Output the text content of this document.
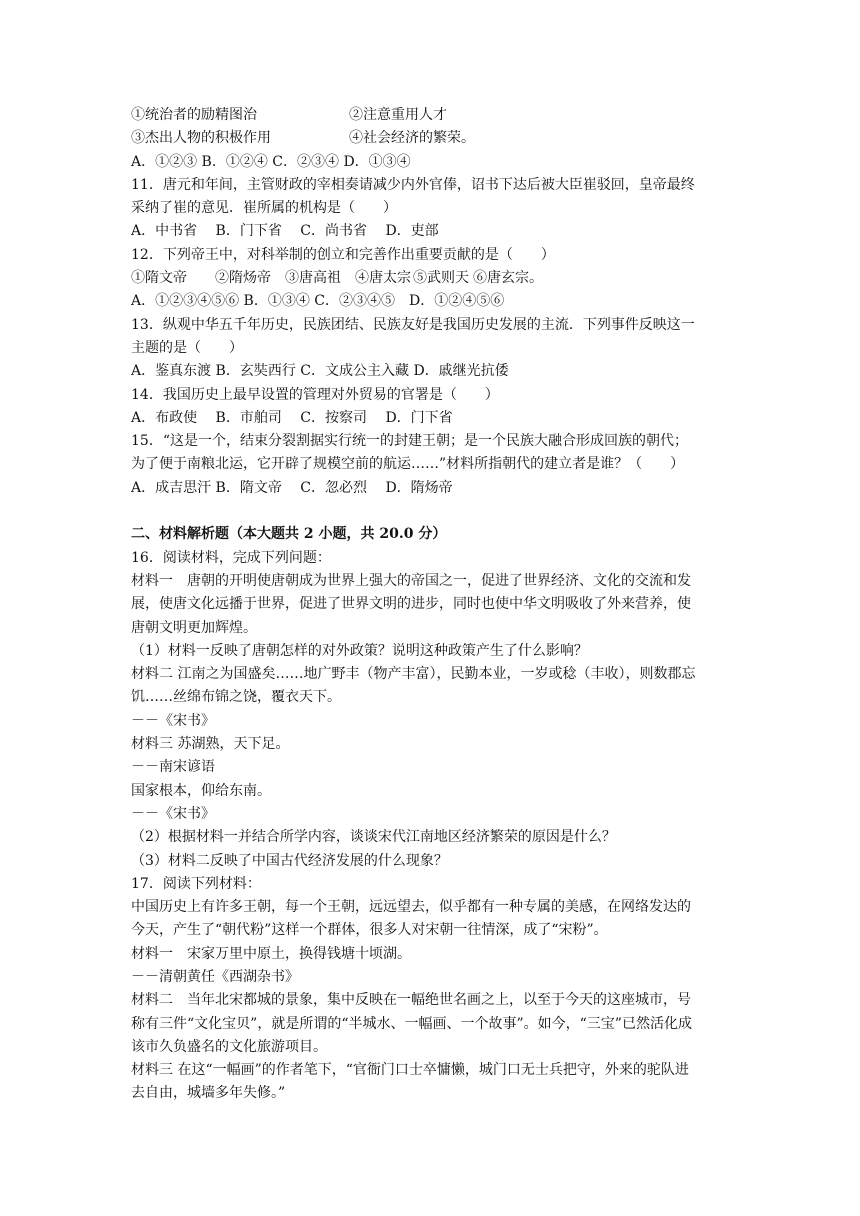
①统治者的励精图治	②注意重用人才
③杰出人物的积极作用	④社会经济的繁荣。
A．①②③ B．①②④ C．②③④ D．①③④
11．唐元和年间，主管财政的宰相奏请减少内外官俸，诏书下达后被大臣崔驳回，皇帝最终
采纳了崔的意见．崔所属的机构是（　　）
A．中书省　 B．门下省　 C．尚书省　 D．吏部
12．下列帝王中，对科举制的创立和完善作出重要贡献的是（　　）
①隋文帝 ②隋炀帝 ③唐高祖 ④唐太宗 ⑤武则天 ⑥唐玄宗。
A．①②③④⑤⑥ B．①③④ C．②③④⑤　D．①②④⑤⑥
13．纵观中华五千年历史，民族团结、民族友好是我国历史发展的主流．下列事件反映这一
主题的是（　　）
A．鉴真东渡 B．玄奘西行 C．文成公主入藏 D．戚继光抗倭
14．我国历史上最早设置的管理对外贸易的官署是（　　）
A．布政使　 B．市舶司　 C．按察司　 D．门下省
15．“这是一个，结束分裂割据实行统一的封建王朝；是一个民族大融合形成回族的朝代；
为了便于南粮北运，它开辟了规模空前的航运……”材料所指朝代的建立者是谁？（　　）
A．成吉思汗 B．隋文帝　 C．忽必烈　 D．隋炀帝
二、材料解析题（本大题共 2 小题，共 20.0 分）
16．阅读材料，完成下列问题：
材料一　唐朝的开明使唐朝成为世界上强大的帝国之一，促进了世界经济、文化的交流和发
展，使唐文化远播于世界，促进了世界文明的进步，同时也使中华文明吸收了外来营养，使
唐朝文明更加辉煌。
（1）材料一反映了唐朝怎样的对外政策？说明这种政策产生了什么影响？
材料二 江南之为国盛矣……地广野丰（物产丰富），民勤本业，一岁或稔（丰收），则数郡忘
饥……丝绵布锦之饶，覆衣天下。
－－《宋书》
材料三 苏湖熟，天下足。
－－南宋谚语
国家根本，仰给东南。
－－《宋书》
（2）根据材料一并结合所学内容，谈谈宋代江南地区经济繁荣的原因是什么？
（3）材料二反映了中国古代经济发展的什么现象？
17．阅读下列材料：
中国历史上有许多王朝，每一个王朝，远远望去，似乎都有一种专属的美感，在网络发达的
今天，产生了“朝代粉”这样一个群体，很多人对宋朝一往情深，成了“宋粉”。
材料一　宋家万里中原土，换得钱塘十顷湖。
－－清朝黄任《西湖杂书》
材料二　当年北宋都城的景象，集中反映在一幅绝世名画之上，以至于今天的这座城市，号
称有三件“文化宝贝”，就是所谓的“半城水、一幅画、一个故事”。如今，“三宝”已然活化成
该市久负盛名的文化旅游项目。
材料三 在这“一幅画”的作者笔下，“官衙门口士卒慵懒，城门口无士兵把守，外来的驼队进
去自由，城墙多年失修。”
